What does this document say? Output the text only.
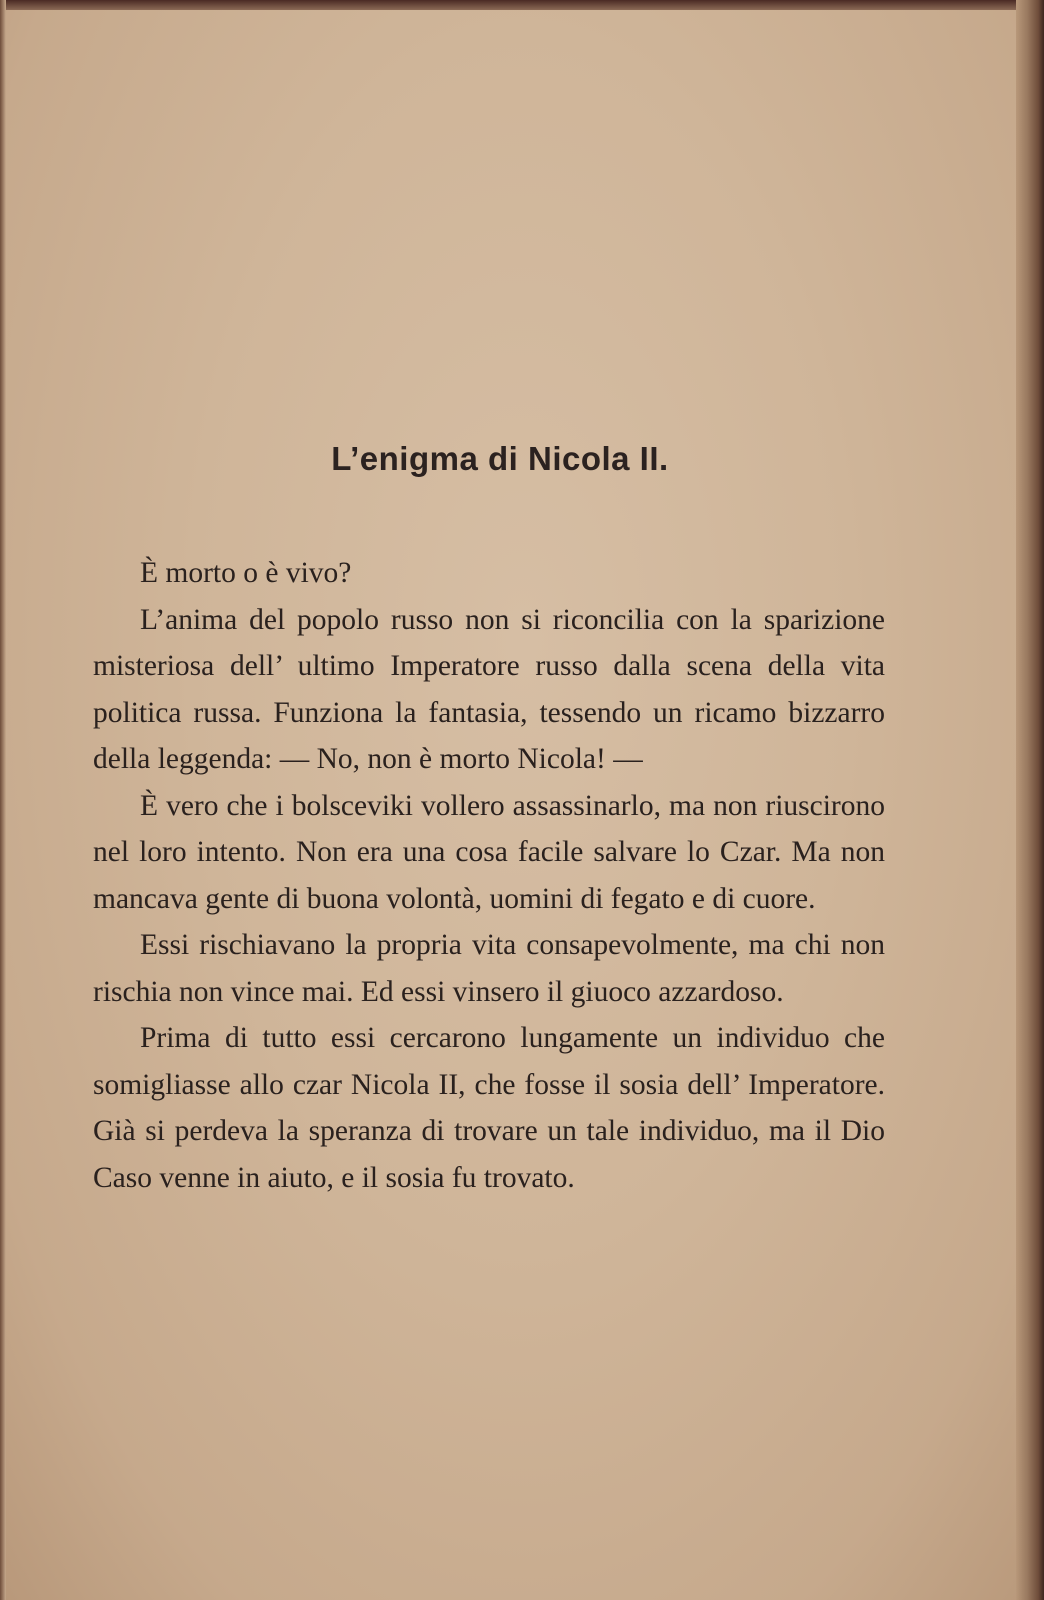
L’enigma di Nicola II.

È morto o è vivo?

L’anima del popolo russo non si riconcilia con la sparizione misteriosa dell’ ultimo Imperatore russo dalla scena della vita politica russa. Funziona la fantasia, tessendo un ricamo bizzarro della leggenda: — No, non è morto Nicola! —

È vero che i bolsceviki vollero assassinarlo, ma non riuscirono nel loro intento. Non era una cosa facile salvare lo Czar. Ma non mancava gente di buona volontà, uomini di fegato e di cuore.

Essi rischiavano la propria vita consapevolmente, ma chi non rischia non vince mai. Ed essi vinsero il giuoco azzardoso.

Prima di tutto essi cercarono lungamente un individuo che somigliasse allo czar Nicola II, che fosse il sosia dell’ Imperatore. Già si perdeva la speranza di trovare un tale individuo, ma il Dio Caso venne in aiuto, e il sosia fu trovato.
